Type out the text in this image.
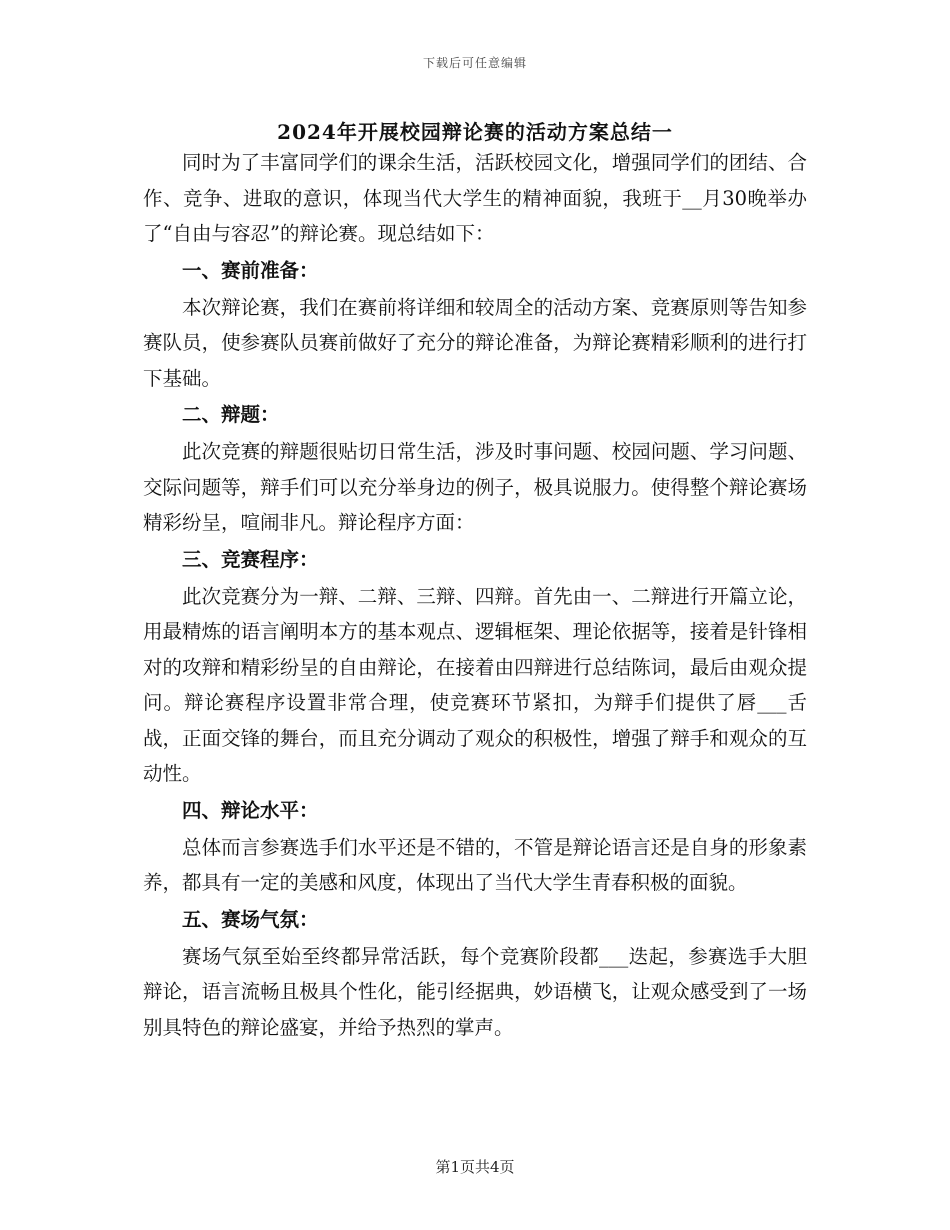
下载后可任意编辑
2024年开展校园辩论赛的活动方案总结一

同时为了丰富同学们的课余生活，活跃校园文化，增强同学们的团结、合作、竞争、进取的意识，体现当代大学生的精神面貌，我班于__月30晚举办了“自由与容忍”的辩论赛。现总结如下：

一、赛前准备：

本次辩论赛，我们在赛前将详细和较周全的活动方案、竞赛原则等告知参赛队员，使参赛队员赛前做好了充分的辩论准备，为辩论赛精彩顺利的进行打下基础。

二、辩题：

此次竞赛的辩题很贴切日常生活，涉及时事问题、校园问题、学习问题、交际问题等，辩手们可以充分举身边的例子，极具说服力。使得整个辩论赛场精彩纷呈，喧闹非凡。辩论程序方面：

三、竞赛程序：

此次竞赛分为一辩、二辩、三辩、四辩。首先由一、二辩进行开篇立论，用最精炼的语言阐明本方的基本观点、逻辑框架、理论依据等，接着是针锋相对的攻辩和精彩纷呈的自由辩论，在接着由四辩进行总结陈词，最后由观众提问。辩论赛程序设置非常合理，使竞赛环节紧扣，为辩手们提供了唇___舌战，正面交锋的舞台，而且充分调动了观众的积极性，增强了辩手和观众的互动性。

四、辩论水平：

总体而言参赛选手们水平还是不错的，不管是辩论语言还是自身的形象素养，都具有一定的美感和风度，体现出了当代大学生青春积极的面貌。

五、赛场气氛：

赛场气氛至始至终都异常活跃，每个竞赛阶段都___迭起，参赛选手大胆辩论，语言流畅且极具个性化，能引经据典，妙语横飞，让观众感受到了一场别具特色的辩论盛宴，并给予热烈的掌声。

第1页共4页
